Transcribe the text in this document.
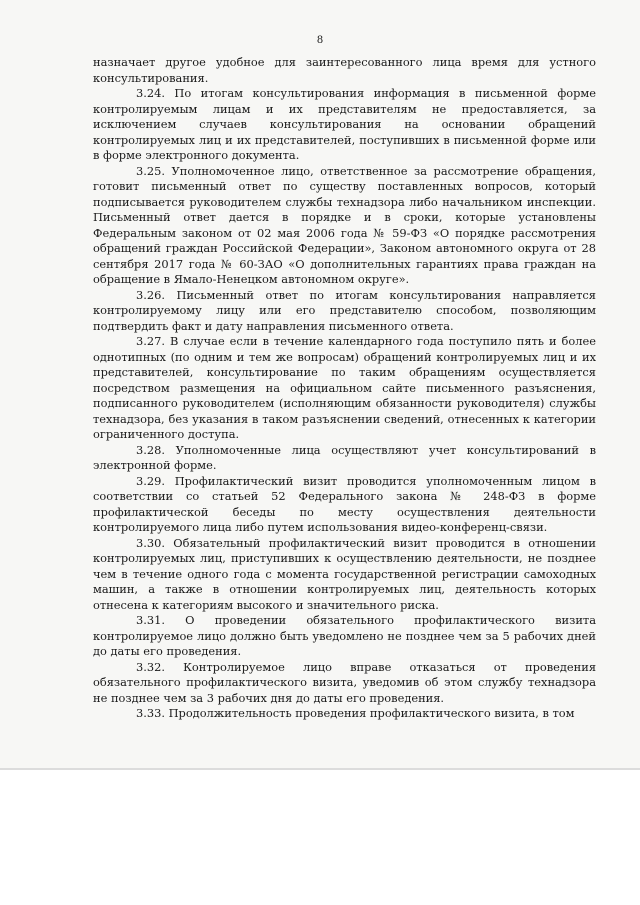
8

назначает другое удобное для заинтересованного лица время для устного консультирования.

3.24. По итогам консультирования информация в письменной форме контролируемым лицам и их представителям не предоставляется, за исключением случаев консультирования на основании обращений контролируемых лиц и их представителей, поступивших в письменной форме или в форме электронного документа.

3.25. Уполномоченное лицо, ответственное за рассмотрение обращения, готовит письменный ответ по существу поставленных вопросов, который подписывается руководителем службы технадзора либо начальником инспекции. Письменный ответ дается в порядке и в сроки, которые установлены Федеральным законом от 02 мая 2006 года № 59-ФЗ «О порядке рассмотрения обращений граждан Российской Федерации», Законом автономного округа от 28 сентября 2017 года № 60-ЗАО «О дополнительных гарантиях права граждан на обращение в Ямало-Ненецком автономном округе».

3.26. Письменный ответ по итогам консультирования направляется контролируемому лицу или его представителю способом, позволяющим подтвердить факт и дату направления письменного ответа.

3.27. В случае если в течение календарного года поступило пять и более однотипных (по одним и тем же вопросам) обращений контролируемых лиц и их представителей, консультирование по таким обращениям осуществляется посредством размещения на официальном сайте письменного разъяснения, подписанного руководителем (исполняющим обязанности руководителя) службы технадзора, без указания в таком разъяснении сведений, отнесенных к категории ограниченного доступа.

3.28. Уполномоченные лица осуществляют учет консультирований в электронной форме.

3.29. Профилактический визит проводится уполномоченным лицом в соответствии со статьей 52 Федерального закона № 248-ФЗ в форме профилактической беседы по месту осуществления деятельности контролируемого лица либо путем использования видео-конференц-связи.

3.30. Обязательный профилактический визит проводится в отношении контролируемых лиц, приступивших к осуществлению деятельности, не позднее чем в течение одного года с момента государственной регистрации самоходных машин, а также в отношении контролируемых лиц, деятельность которых отнесена к категориям высокого и значительного риска.

3.31. О проведении обязательного профилактического визита контролируемое лицо должно быть уведомлено не позднее чем за 5 рабочих дней до даты его проведения.

3.32. Контролируемое лицо вправе отказаться от проведения обязательного профилактического визита, уведомив об этом службу технадзора не позднее чем за 3 рабочих дня до даты его проведения.

3.33. Продолжительность проведения профилактического визита, в том
